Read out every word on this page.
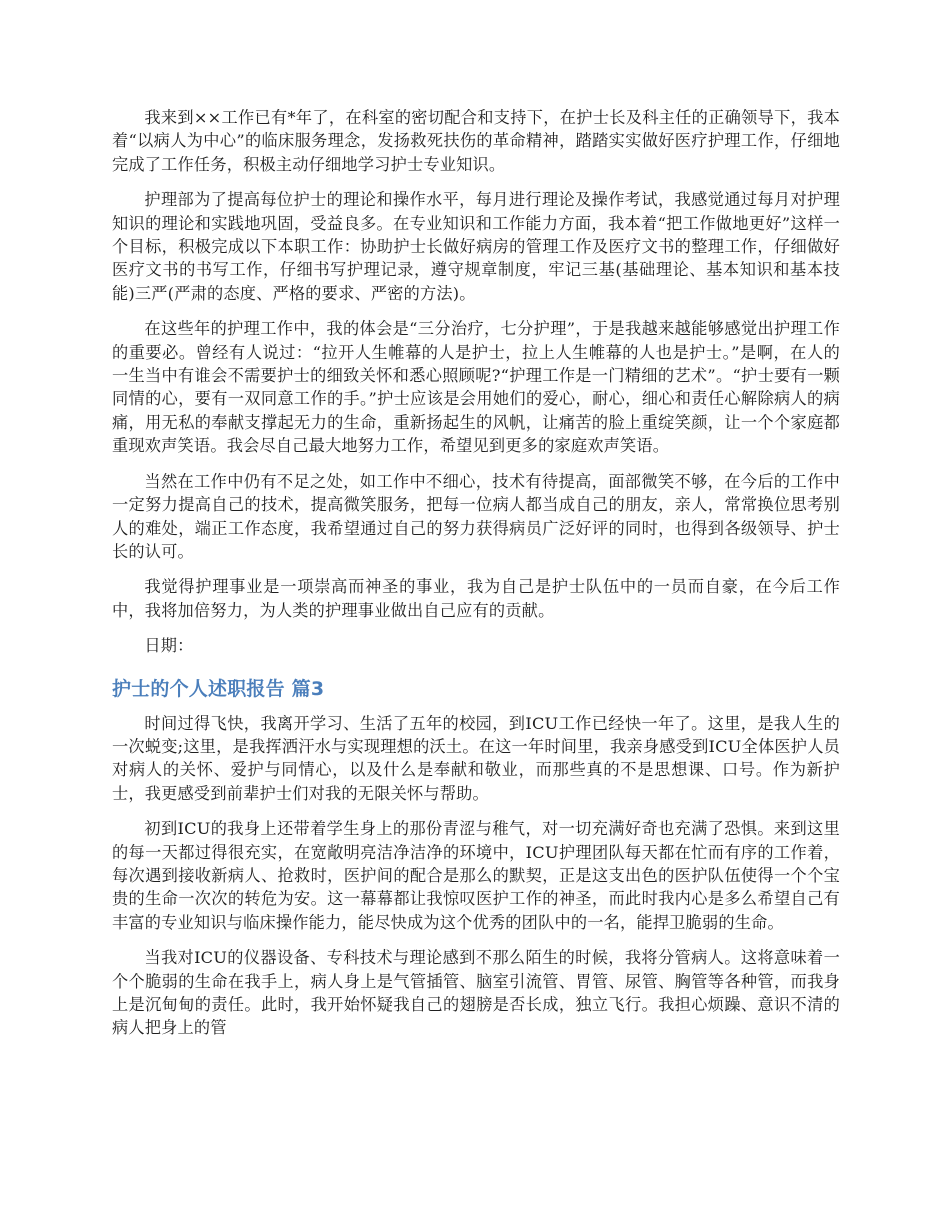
我来到××工作已有*年了，在科室的密切配合和支持下，在护士长及科主任的正确领导下，我本着“以病人为中心”的临床服务理念，发扬救死扶伤的革命精神，踏踏实实做好医疗护理工作，仔细地完成了工作任务，积极主动仔细地学习护士专业知识。

护理部为了提高每位护士的理论和操作水平，每月进行理论及操作考试，我感觉通过每月对护理知识的理论和实践地巩固，受益良多。在专业知识和工作能力方面，我本着“把工作做地更好”这样一个目标，积极完成以下本职工作：协助护士长做好病房的管理工作及医疗文书的整理工作，仔细做好医疗文书的书写工作，仔细书写护理记录，遵守规章制度，牢记三基(基础理论、基本知识和基本技能)三严(严肃的态度、严格的要求、严密的方法)。

在这些年的护理工作中，我的体会是“三分治疗，七分护理”，于是我越来越能够感觉出护理工作的重要必。曾经有人说过：“拉开人生帷幕的人是护士，拉上人生帷幕的人也是护士。”是啊，在人的一生当中有谁会不需要护士的细致关怀和悉心照顾呢?“护理工作是一门精细的艺术”。“护士要有一颗同情的心，要有一双同意工作的手。”护士应该是会用她们的爱心，耐心，细心和责任心解除病人的病痛，用无私的奉献支撑起无力的生命，重新扬起生的风帆，让痛苦的脸上重绽笑颜，让一个个家庭都重现欢声笑语。我会尽自己最大地努力工作，希望见到更多的家庭欢声笑语。

当然在工作中仍有不足之处，如工作中不细心，技术有待提高，面部微笑不够，在今后的工作中一定努力提高自己的技术，提高微笑服务，把每一位病人都当成自己的朋友，亲人，常常换位思考别人的难处，端正工作态度，我希望通过自己的努力获得病员广泛好评的同时，也得到各级领导、护士长的认可。

我觉得护理事业是一项崇高而神圣的事业，我为自己是护士队伍中的一员而自豪，在今后工作中，我将加倍努力，为人类的护理事业做出自己应有的贡献。

日期：

护士的个人述职报告 篇3

时间过得飞快，我离开学习、生活了五年的校园，到ICU工作已经快一年了。这里，是我人生的一次蜕变;这里，是我挥洒汗水与实现理想的沃土。在这一年时间里，我亲身感受到ICU全体医护人员对病人的关怀、爱护与同情心，以及什么是奉献和敬业，而那些真的不是思想课、口号。作为新护士，我更感受到前辈护士们对我的无限关怀与帮助。

初到ICU的我身上还带着学生身上的那份青涩与稚气，对一切充满好奇也充满了恐惧。来到这里的每一天都过得很充实，在宽敞明亮洁净洁净的环境中，ICU护理团队每天都在忙而有序的工作着，每次遇到接收新病人、抢救时，医护间的配合是那么的默契，正是这支出色的医护队伍使得一个个宝贵的生命一次次的转危为安。这一幕幕都让我惊叹医护工作的神圣，而此时我内心是多么希望自己有丰富的专业知识与临床操作能力，能尽快成为这个优秀的团队中的一名，能捍卫脆弱的生命。

当我对ICU的仪器设备、专科技术与理论感到不那么陌生的时候，我将分管病人。这将意味着一个个脆弱的生命在我手上，病人身上是气管插管、脑室引流管、胃管、尿管、胸管等各种管，而我身上是沉甸甸的责任。此时，我开始怀疑我自己的翅膀是否长成，独立飞行。我担心烦躁、意识不清的病人把身上的管
